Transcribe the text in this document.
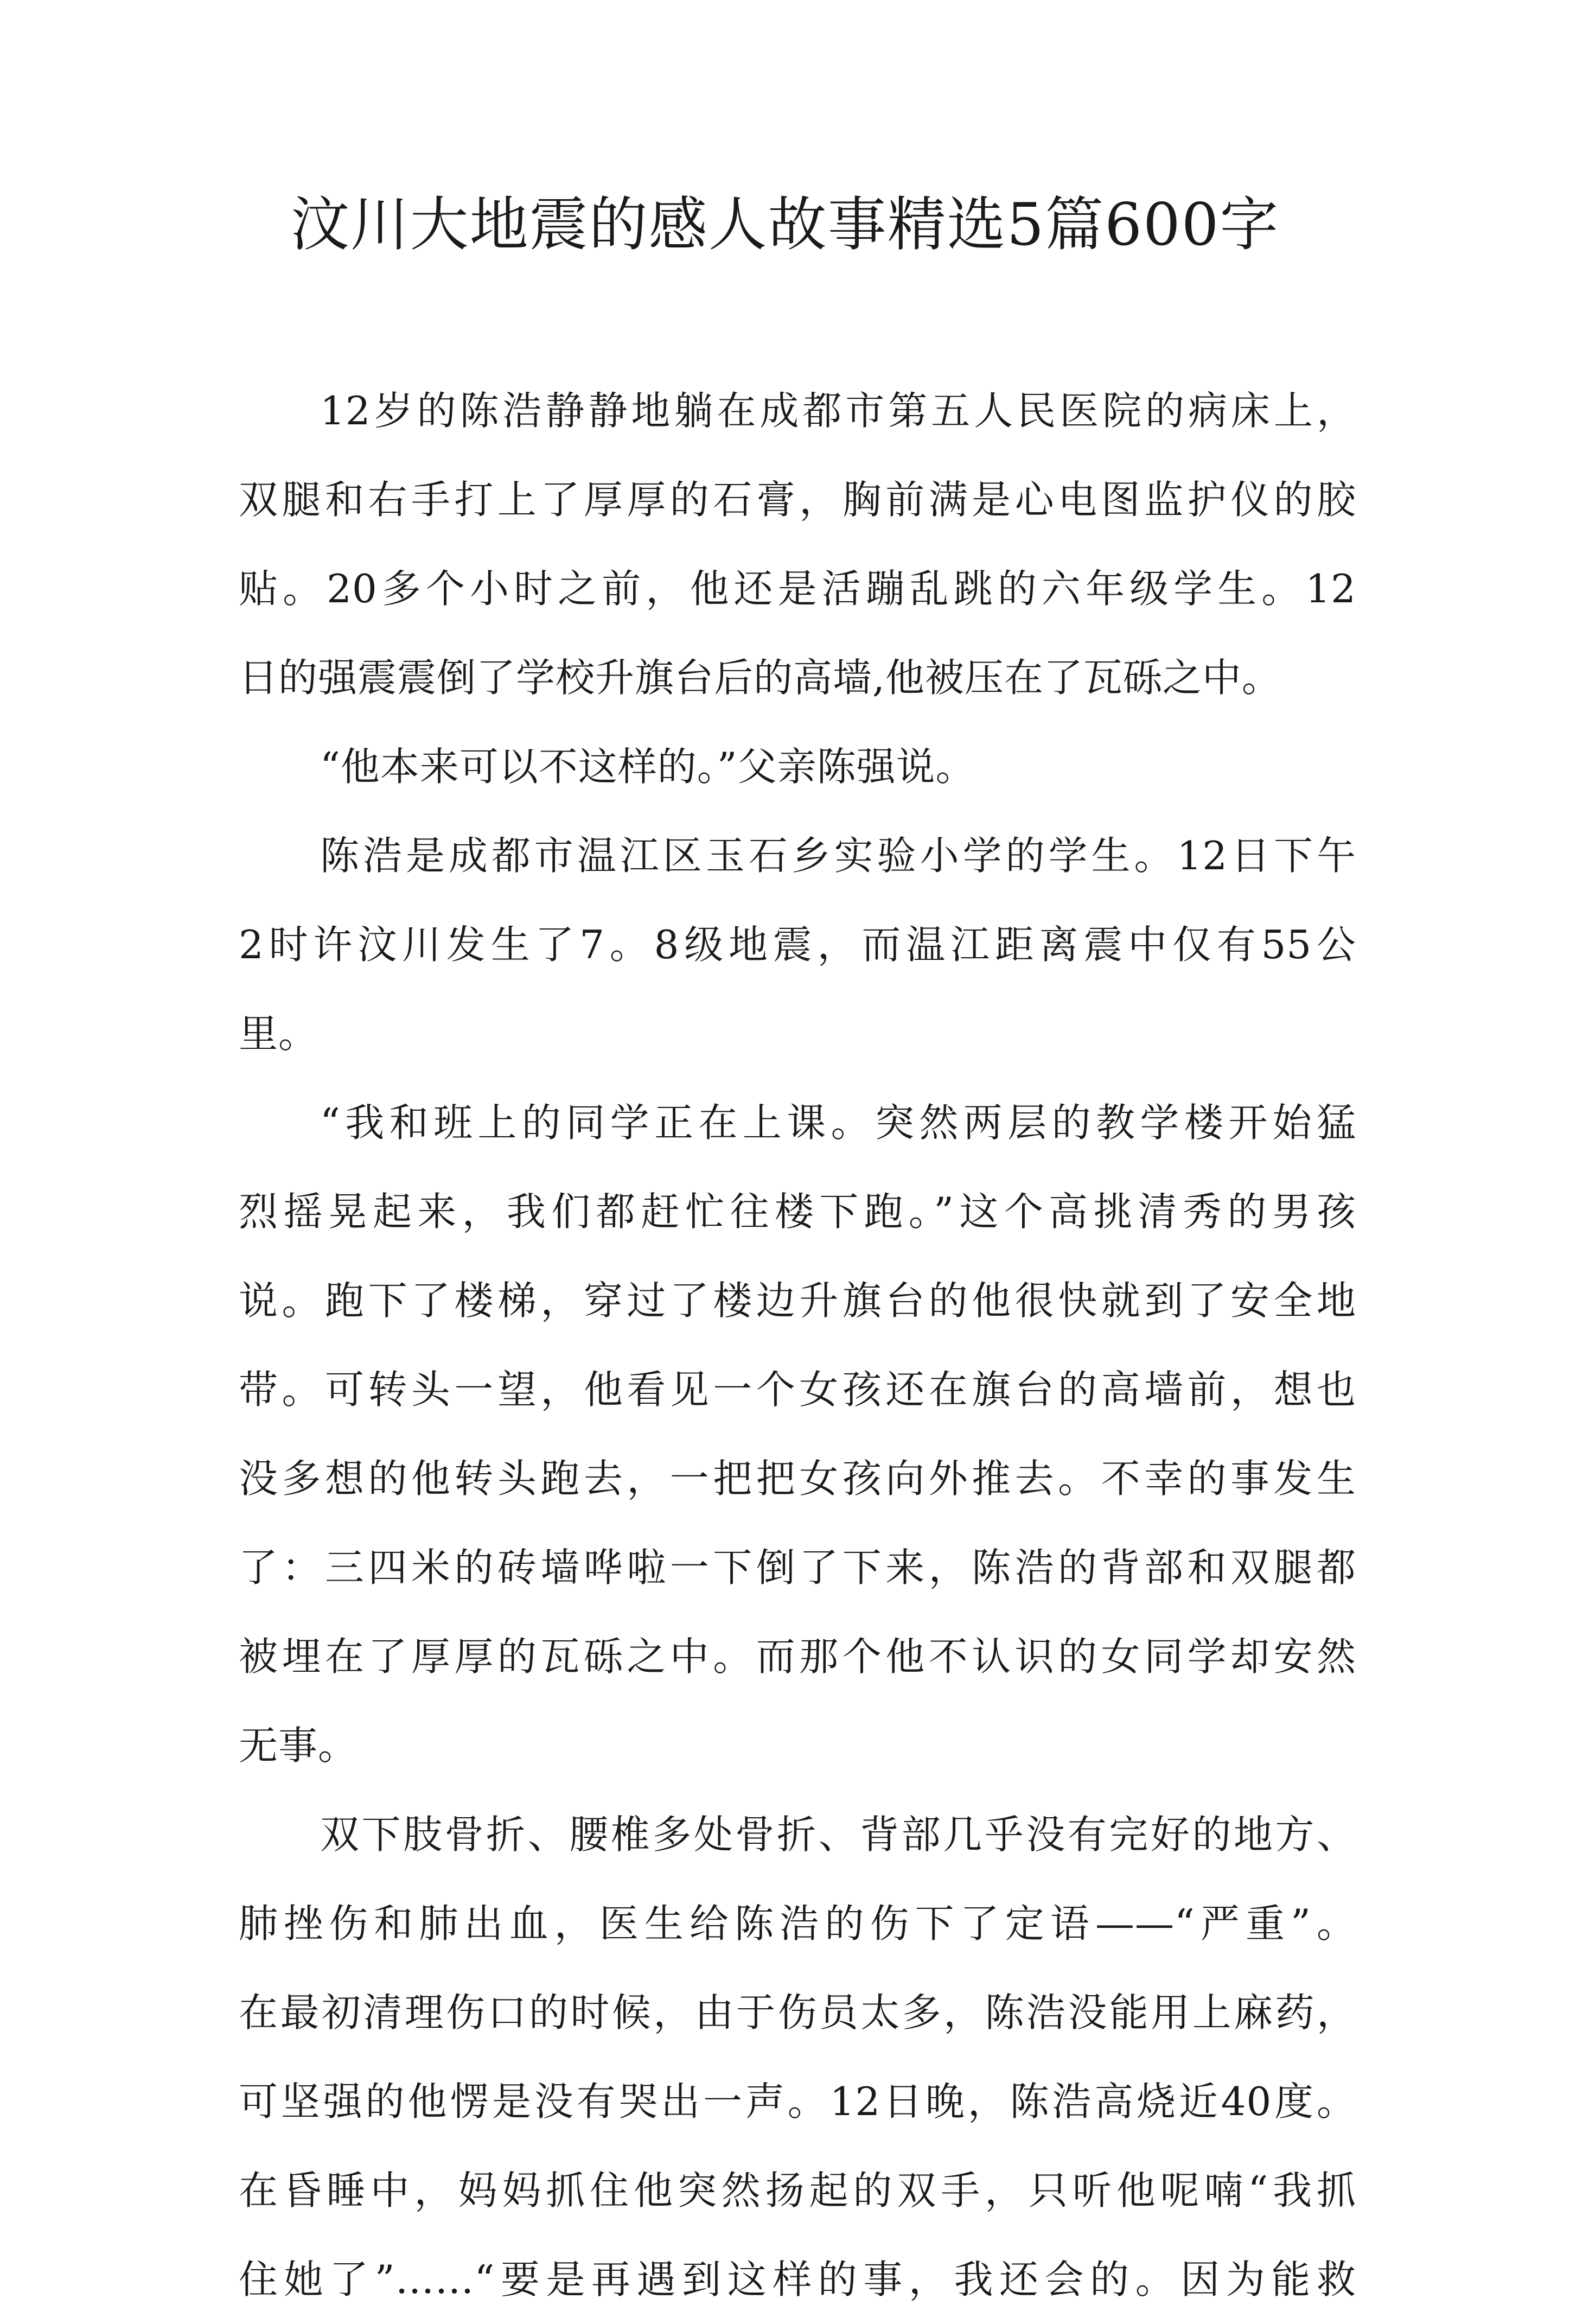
汶川大地震的感人故事精选5篇600字
12岁的陈浩静静地躺在成都市第五人民医院的病床上，
双腿和右手打上了厚厚的石膏，胸前满是心电图监护仪的胶
贴。20多个小时之前，他还是活蹦乱跳的六年级学生。12
日的强震震倒了学校升旗台后的高墙,他被压在了瓦砾之中。
“他本来可以不这样的。”父亲陈强说。
陈浩是成都市温江区玉石乡实验小学的学生。12日下午
2时许汶川发生了7。8级地震，而温江距离震中仅有55公
里。
“我和班上的同学正在上课。突然两层的教学楼开始猛
烈摇晃起来，我们都赶忙往楼下跑。”这个高挑清秀的男孩
说。跑下了楼梯，穿过了楼边升旗台的他很快就到了安全地
带。可转头一望，他看见一个女孩还在旗台的高墙前，想也
没多想的他转头跑去，一把把女孩向外推去。不幸的事发生
了：三四米的砖墙哗啦一下倒了下来，陈浩的背部和双腿都
被埋在了厚厚的瓦砾之中。而那个他不认识的女同学却安然
无事。
双下肢骨折、腰椎多处骨折、背部几乎没有完好的地方、
肺挫伤和肺出血，医生给陈浩的伤下了定语——“严重”。
在最初清理伤口的时候，由于伤员太多，陈浩没能用上麻药，
可坚强的他愣是没有哭出一声。12日晚，陈浩高烧近40度。
在昏睡中，妈妈抓住他突然扬起的双手，只听他呢喃“我抓
住她了”……“要是再遇到这样的事，我还会的。因为能救
